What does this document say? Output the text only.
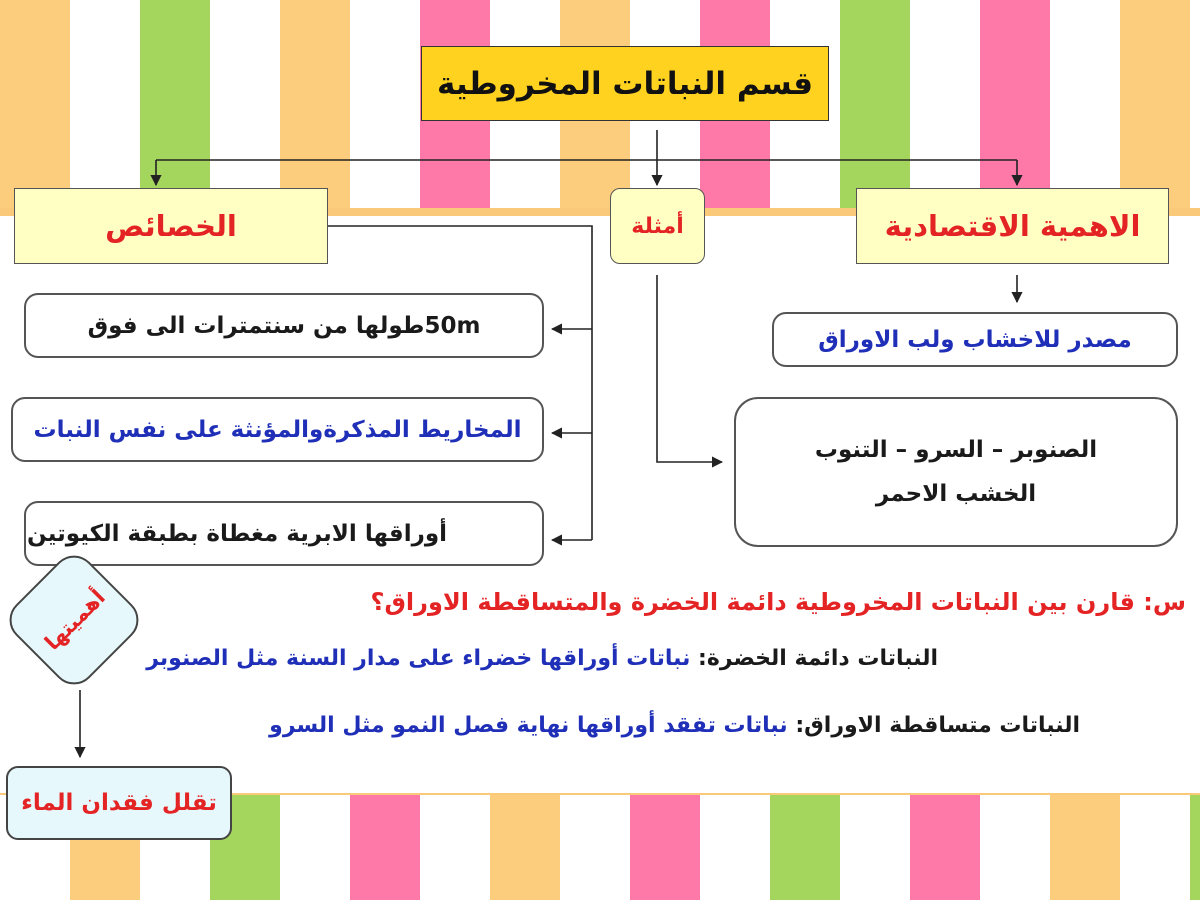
قسم النباتات المخروطية
الاهمية الاقتصادية
أمثلة
الخصائص
مصدر للاخشاب ولب الاوراق
الصنوبر – السرو – التنوب
الخشب الاحمر
50mطولها من سنتمترات الى فوق
المخاريط المذكرةوالمؤنثة على نفس النبات
أوراقها الابرية مغطاة بطبقة الكيوتين
أهميتها
تقلل فقدان الماء
س: قارن بين النباتات المخروطية دائمة الخضرة والمتساقطة الاوراق؟
النباتات دائمة الخضرة: نباتات أوراقها خضراء على مدار السنة مثل الصنوبر
النباتات متساقطة الاوراق: نباتات تفقد أوراقها نهاية فصل النمو مثل السرو
